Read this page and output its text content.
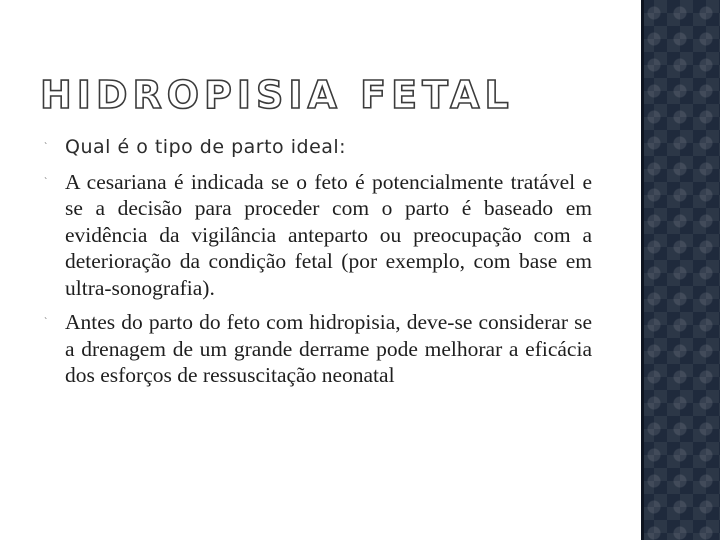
HIDROPISIA FETAL
` Qual é o tipo de parto ideal:
` A cesariana é indicada se o feto é potencialmente tratável e se a decisão para proceder com o parto é baseado em evidência da vigilância anteparto ou preocupação com a deterioração da condição fetal (por exemplo, com base em ultra-sonografia).
` Antes do parto do feto com hidropisia, deve-se considerar se a drenagem de um grande derrame pode melhorar a eficácia dos esforços de ressuscitação neonatal
